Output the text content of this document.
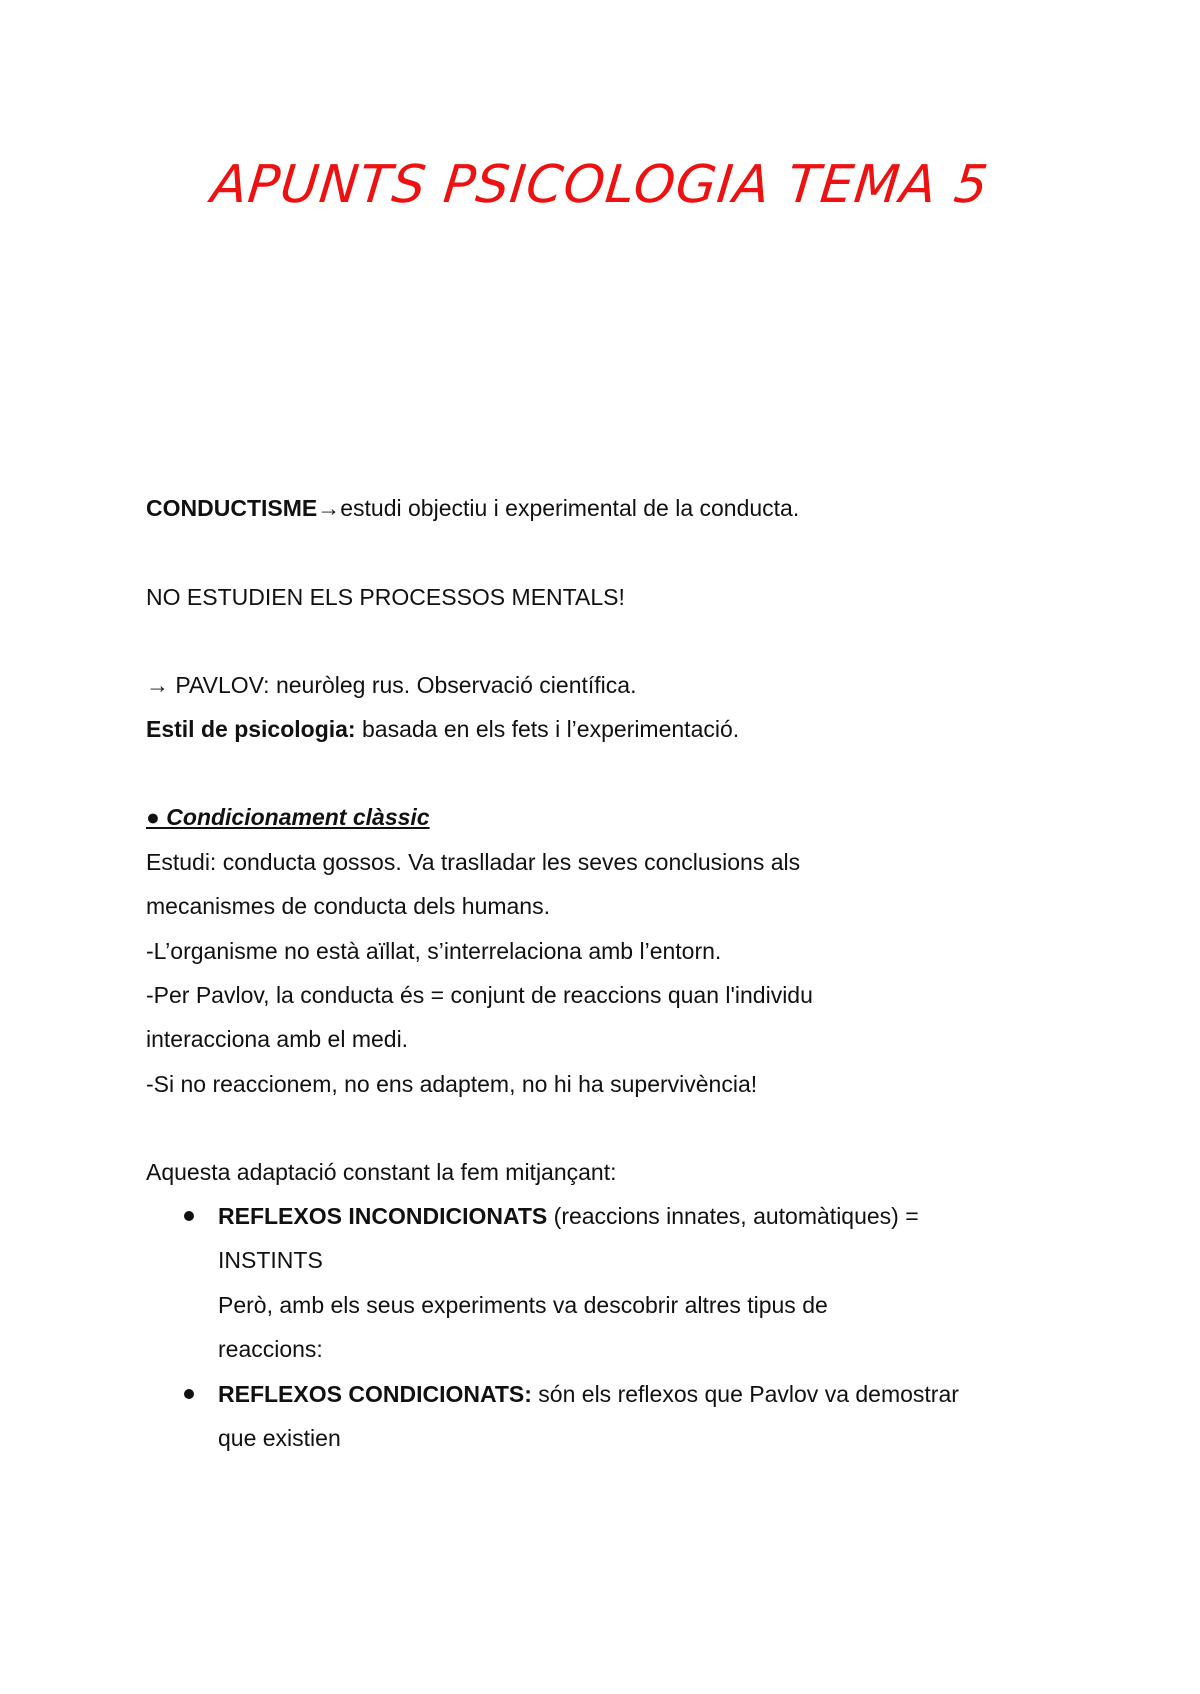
APUNTS PSICOLOGIA TEMA 5
CONDUCTISME→estudi objectiu i experimental de la conducta.
NO ESTUDIEN ELS PROCESSOS MENTALS!
→ PAVLOV: neuròleg rus. Observació científica.
Estil de psicologia: basada en els fets i l’experimentació.
● Condicionament clàssic
Estudi: conducta gossos. Va traslladar les seves conclusions als
mecanismes de conducta dels humans.
-L’organisme no està aïllat, s’interrelaciona amb l’entorn.
-Per Pavlov, la conducta és = conjunt de reaccions quan l'individu
interacciona amb el medi.
-Si no reaccionem, no ens adaptem, no hi ha supervivència!
Aquesta adaptació constant la fem mitjançant:
REFLEXOS INCONDICIONATS (reaccions innates, automàtiques) =
INSTINTS
Però, amb els seus experiments va descobrir altres tipus de
reaccions:
REFLEXOS CONDICIONATS: són els reflexos que Pavlov va demostrar
que existien
